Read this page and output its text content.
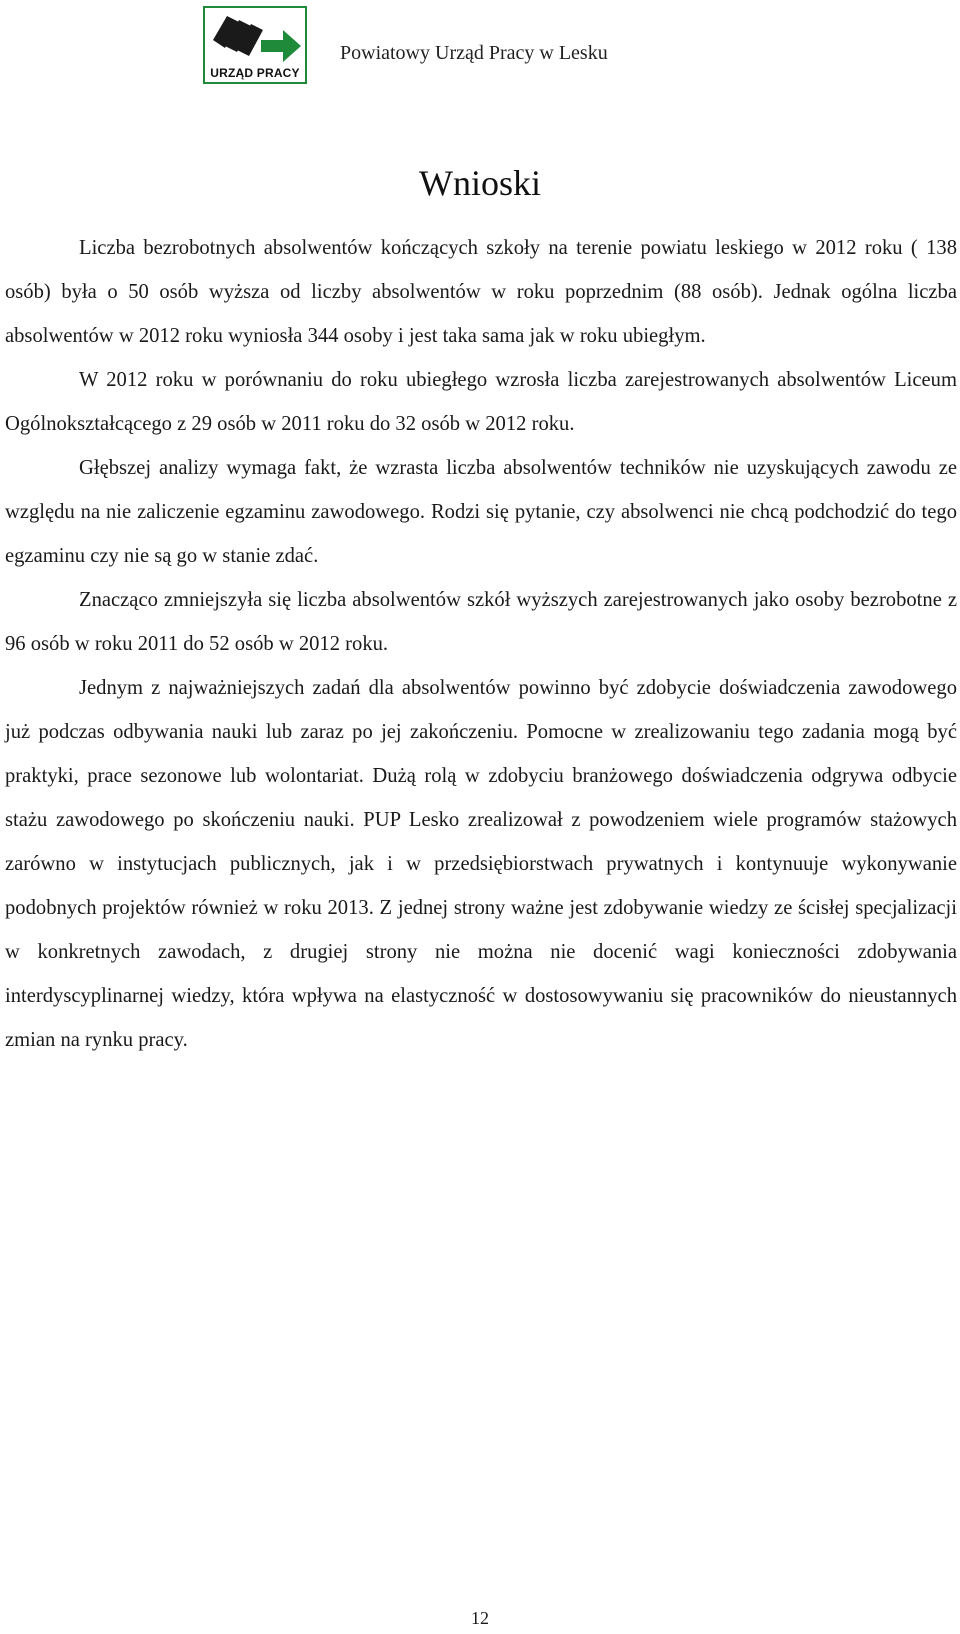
URZĄD PRACY
Powiatowy Urząd Pracy w Lesku
Wnioski

Liczba bezrobotnych absolwentów kończących szkoły na terenie powiatu leskiego w 2012 roku ( 138 osób) była o 50 osób wyższa od liczby absolwentów w roku poprzednim (88 osób). Jednak ogólna liczba absolwentów w 2012 roku wyniosła 344 osoby i jest taka sama jak w roku ubiegłym.

W 2012 roku w porównaniu do roku ubiegłego wzrosła liczba zarejestrowanych absolwentów Liceum Ogólnokształcącego z 29 osób w 2011 roku do 32 osób w 2012 roku.

Głębszej analizy wymaga fakt, że wzrasta liczba absolwentów techników nie uzyskujących zawodu ze względu na nie zaliczenie egzaminu zawodowego. Rodzi się pytanie, czy absolwenci nie chcą podchodzić do tego egzaminu czy nie są go w stanie zdać.

Znacząco zmniejszyła się liczba absolwentów szkół wyższych zarejestrowanych jako osoby bezrobotne z 96 osób w roku 2011 do 52 osób w 2012 roku.

Jednym z najważniejszych zadań dla absolwentów powinno być zdobycie doświadczenia zawodowego już podczas odbywania nauki lub zaraz po jej zakończeniu. Pomocne w zrealizowaniu tego zadania mogą być praktyki, prace sezonowe lub wolontariat. Dużą rolą w zdobyciu branżowego doświadczenia odgrywa odbycie stażu zawodowego po skończeniu nauki. PUP Lesko zrealizował z powodzeniem wiele programów stażowych zarówno w instytucjach publicznych, jak i w przedsiębiorstwach prywatnych i kontynuuje wykonywanie podobnych projektów również w roku 2013. Z jednej strony ważne jest zdobywanie wiedzy ze ścisłej specjalizacji w konkretnych zawodach, z drugiej strony nie można nie docenić wagi konieczności zdobywania interdyscyplinarnej wiedzy, która wpływa na elastyczność w dostosowywaniu się pracowników do nieustannych zmian na rynku pracy.

12
